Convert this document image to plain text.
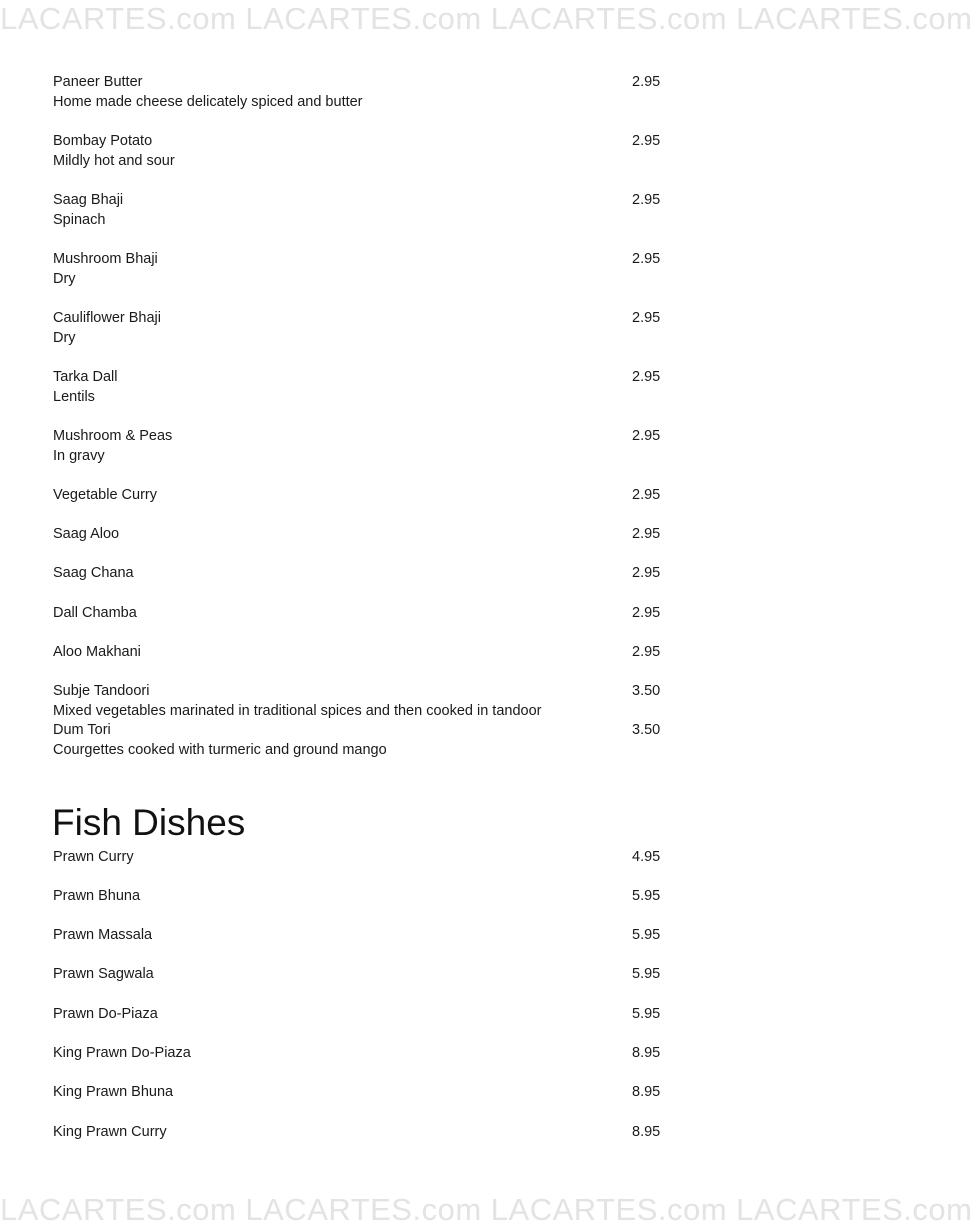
LACARTES.com LACARTES.com LACARTES.com LACARTES.com
Paneer Butter
Home made cheese delicately spiced and butter
2.95
Bombay Potato
Mildly hot and sour
2.95
Saag Bhaji
Spinach
2.95
Mushroom Bhaji
Dry
2.95
Cauliflower Bhaji
Dry
2.95
Tarka Dall
Lentils
2.95
Mushroom & Peas
In gravy
2.95
Vegetable Curry	2.95
Saag Aloo	2.95
Saag Chana	2.95
Dall Chamba	2.95
Aloo Makhani	2.95
Subje Tandoori
Mixed vegetables marinated in traditional spices and then cooked in tandoor
3.50
Dum Tori
Courgettes cooked with turmeric and ground mango
3.50
Fish Dishes
Prawn Curry	4.95
Prawn Bhuna	5.95
Prawn Massala	5.95
Prawn Sagwala	5.95
Prawn Do-Piaza	5.95
King Prawn Do-Piaza	8.95
King Prawn Bhuna	8.95
King Prawn Curry	8.95
LACARTES.com LACARTES.com LACARTES.com LACARTES.com
